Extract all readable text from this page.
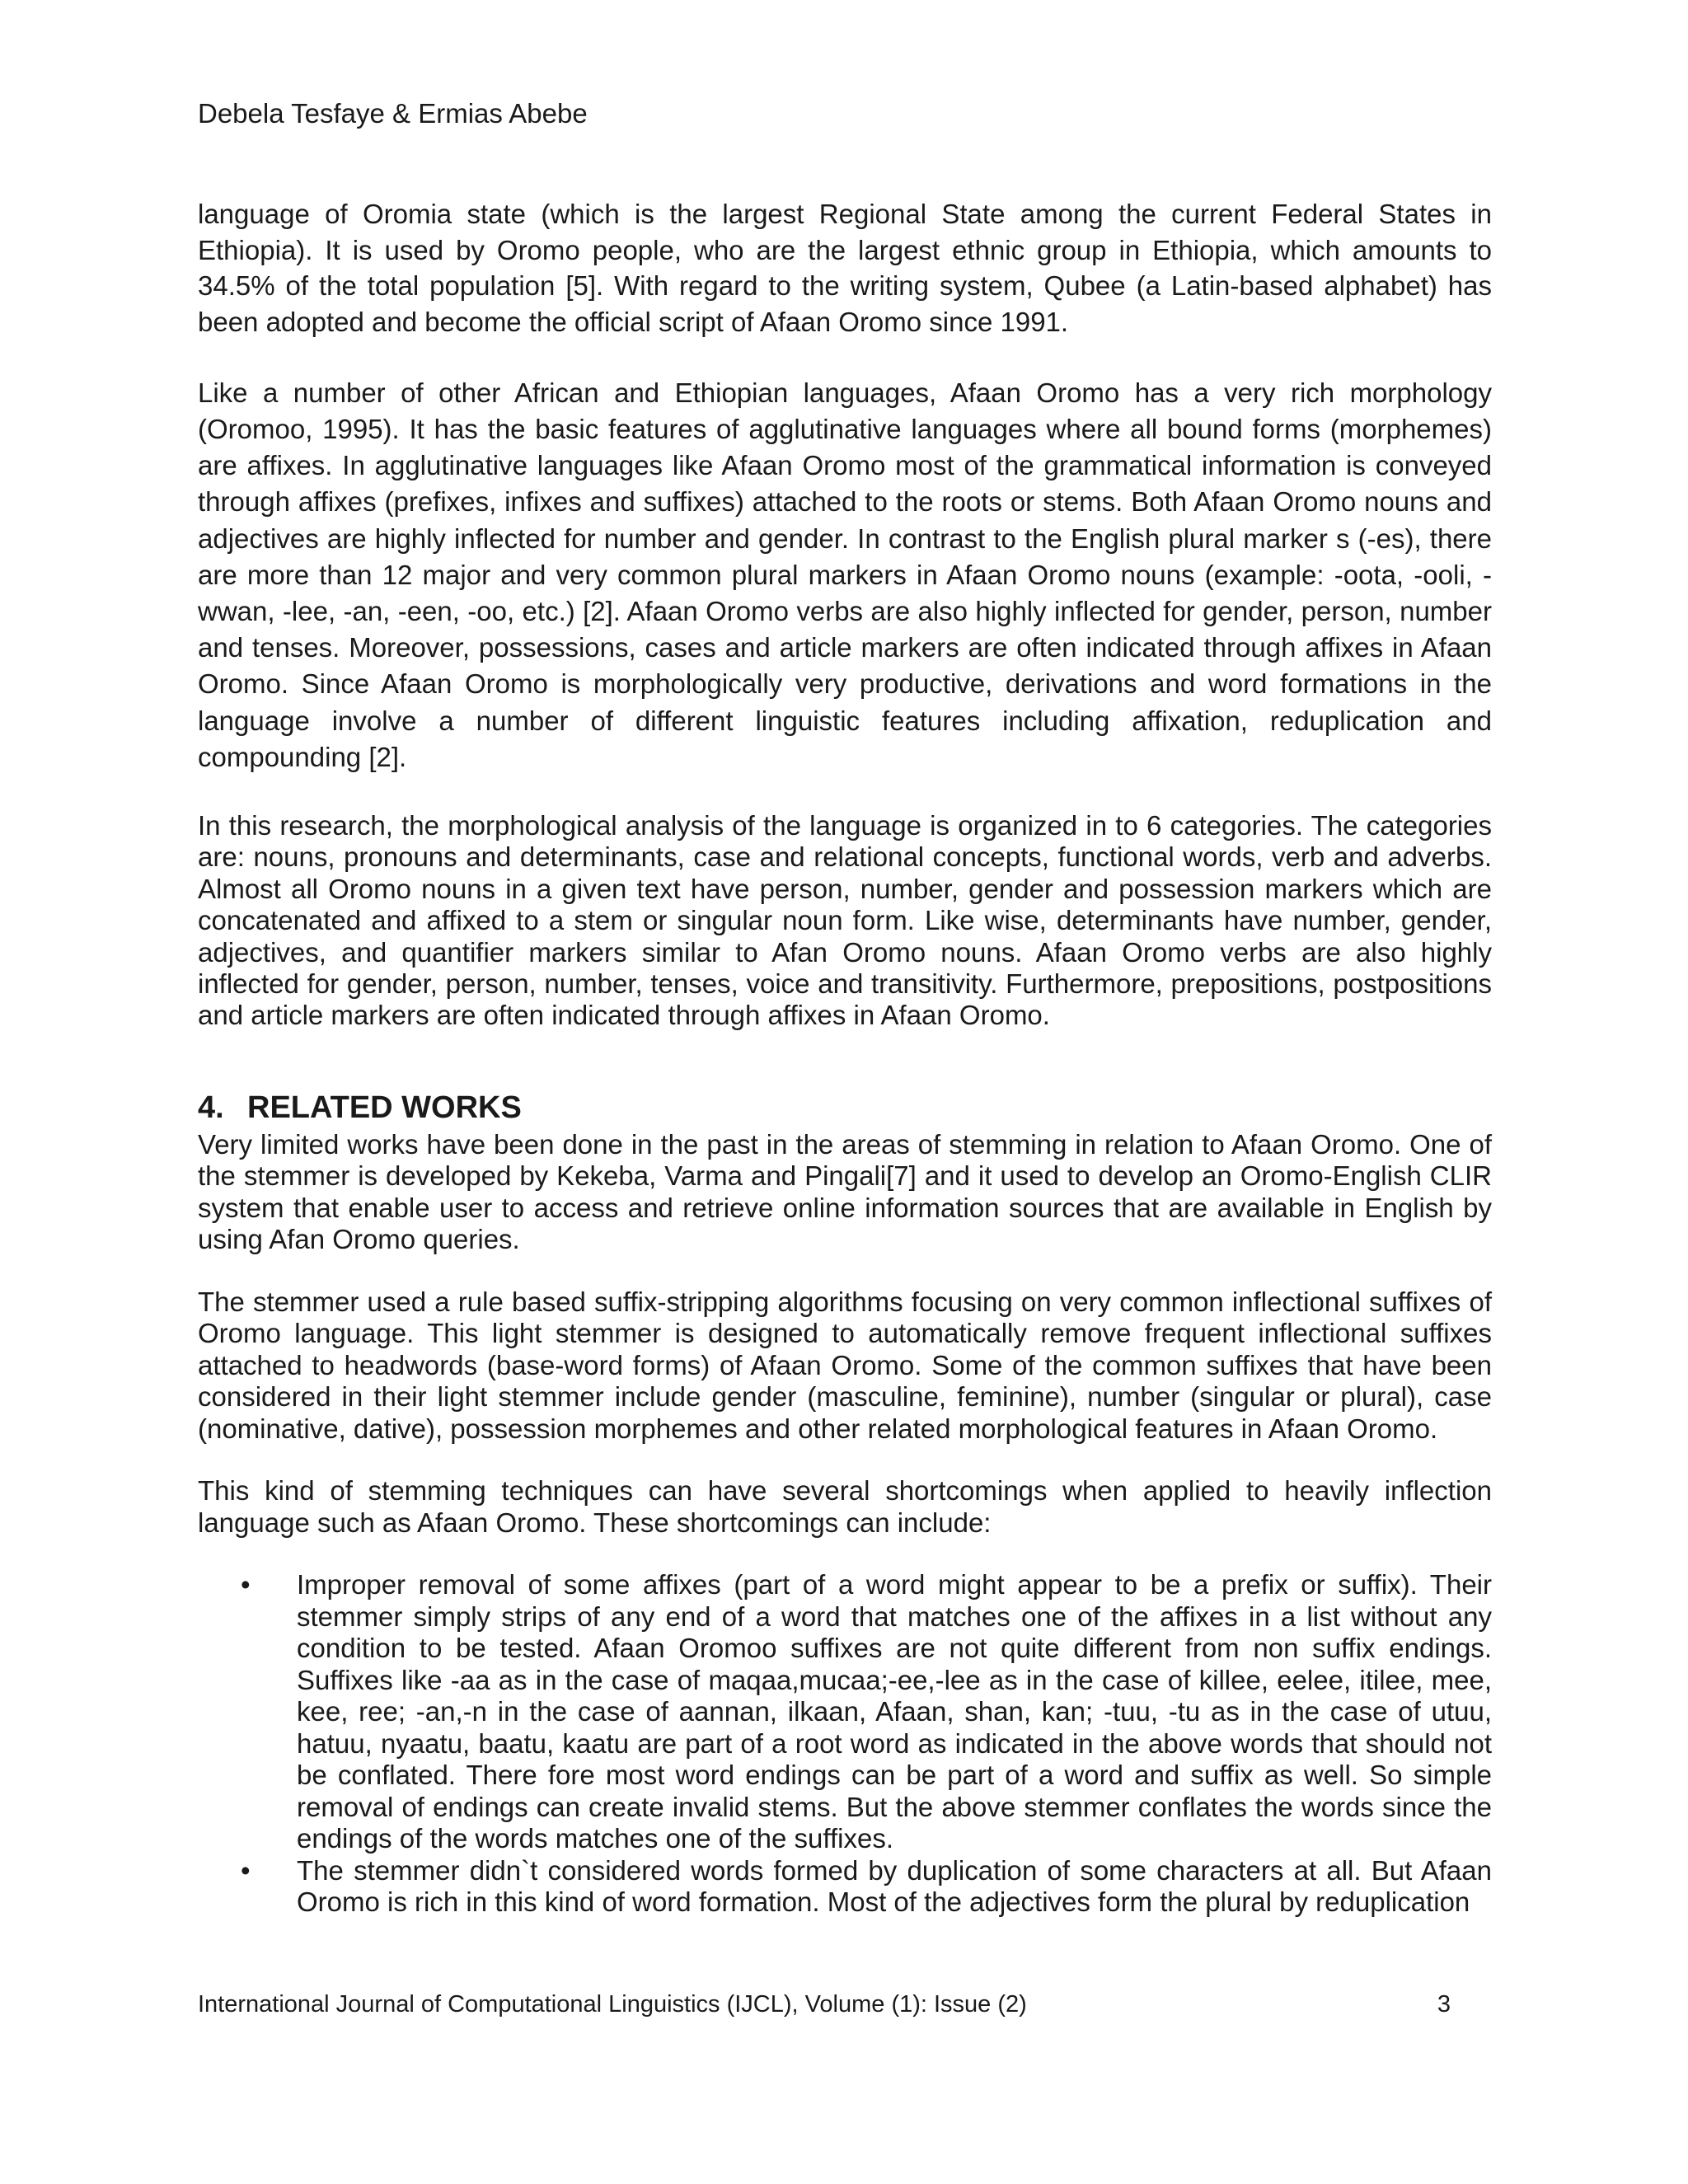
Debela Tesfaye & Ermias Abebe

language of Oromia state (which is the largest Regional State among the current Federal States in Ethiopia). It is used by Oromo people, who are the largest ethnic group in Ethiopia, which amounts to 34.5% of the total population [5]. With regard to the writing system, Qubee (a Latin-based alphabet) has been adopted and become the official script of Afaan Oromo since 1991.

Like a number of other African and Ethiopian languages, Afaan Oromo has a very rich morphology (Oromoo, 1995). It has the basic features of agglutinative languages where all bound forms (morphemes) are affixes. In agglutinative languages like Afaan Oromo most of the grammatical information is conveyed through affixes (prefixes, infixes and suffixes) attached to the roots or stems. Both Afaan Oromo nouns and adjectives are highly inflected for number and gender. In contrast to the English plural marker s (-es), there are more than 12 major and very common plural markers in Afaan Oromo nouns (example: -oota, -ooli, -wwan, -lee, -an, -een, -oo, etc.) [2]. Afaan Oromo verbs are also highly inflected for gender, person, number and tenses. Moreover, possessions, cases and article markers are often indicated through affixes in Afaan Oromo. Since Afaan Oromo is morphologically very productive, derivations and word formations in the language involve a number of different linguistic features including affixation, reduplication and compounding [2].

In this research, the morphological analysis of the language is organized in to 6 categories. The categories are: nouns, pronouns and determinants, case and relational concepts, functional words, verb and adverbs. Almost all Oromo nouns in a given text have person, number, gender and possession markers which are concatenated and affixed to a stem or singular noun form. Like wise, determinants have number, gender, adjectives, and quantifier markers similar to Afan Oromo nouns. Afaan Oromo verbs are also highly inflected for gender, person, number, tenses, voice and transitivity. Furthermore, prepositions, postpositions and article markers are often indicated through affixes in Afaan Oromo.

4. RELATED WORKS

Very limited works have been done in the past in the areas of stemming in relation to Afaan Oromo. One of the stemmer is developed by Kekeba, Varma and Pingali[7] and it used to develop an Oromo-English CLIR system that enable user to access and retrieve online information sources that are available in English by using Afan Oromo queries.

The stemmer used a rule based suffix-stripping algorithms focusing on very common inflectional suffixes of Oromo language. This light stemmer is designed to automatically remove frequent inflectional suffixes attached to headwords (base-word forms) of Afaan Oromo. Some of the common suffixes that have been considered in their light stemmer include gender (masculine, feminine), number (singular or plural), case (nominative, dative), possession morphemes and other related morphological features in Afaan Oromo.

This kind of stemming techniques can have several shortcomings when applied to heavily inflection language such as Afaan Oromo. These shortcomings can include:

•	Improper removal of some affixes (part of a word might appear to be a prefix or suffix). Their stemmer simply strips of any end of a word that matches one of the affixes in a list without any condition to be tested. Afaan Oromoo suffixes are not quite different from non suffix endings. Suffixes like -aa as in the case of maqaa,mucaa;-ee,-lee as in the case of killee, eelee, itilee, mee, kee, ree; -an,-n in the case of aannan, ilkaan, Afaan, shan, kan; -tuu, -tu as in the case of utuu, hatuu, nyaatu, baatu, kaatu are part of a root word as indicated in the above words that should not be conflated. There fore most word endings can be part of a word and suffix as well. So simple removal of endings can create invalid stems. But the above stemmer conflates the words since the endings of the words matches one of the suffixes.

•	The stemmer didn`t considered words formed by duplication of some characters at all. But Afaan Oromo is rich in this kind of word formation. Most of the adjectives form the plural by reduplication

International Journal of Computational Linguistics (IJCL), Volume (1): Issue (2)	3
